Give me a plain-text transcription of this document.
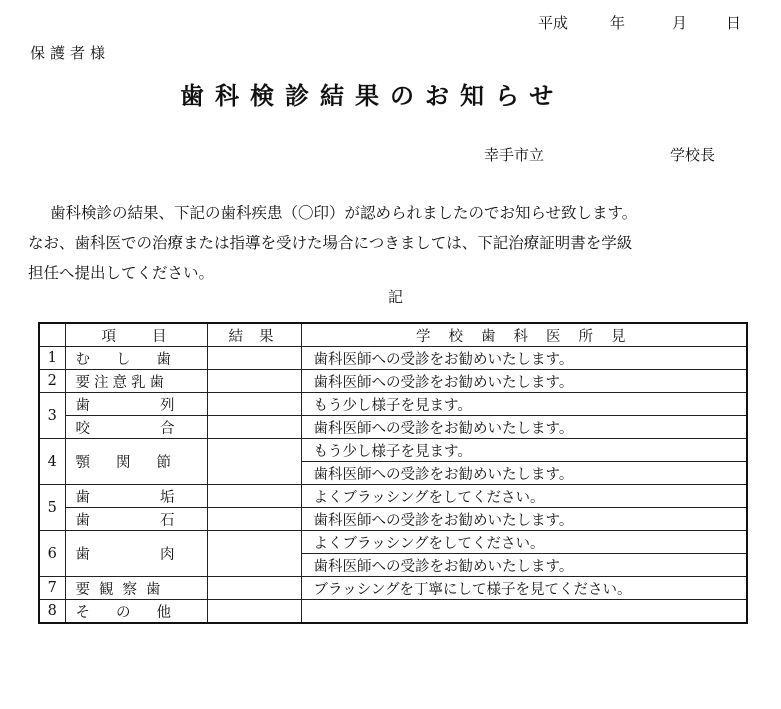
平成	年	月	日
保護者様
歯科検診結果のお知らせ
幸手市立	学校長

歯科検診の結果、下記の歯科疾患（〇印）が認められましたのでお知らせ致します。

なお、歯科医での治療または指導を受けた場合につきましては、下記治療証明書を学級

担任へ提出してください。

記
	項目	結果	学校歯科医所見
1	むし歯		歯科医師への受診をお勧めいたします。
2	要注意乳歯		歯科医師への受診をお勧めいたします。
3	歯列		もう少し様子を見ます。
	咬合		歯科医師への受診をお勧めいたします。
4	顎関節		もう少し様子を見ます。
			歯科医師への受診をお勧めいたします。
5	歯垢		よくブラッシングをしてください。
	歯石		歯科医師への受診をお勧めいたします。
6	歯肉		よくブラッシングをしてください。
			歯科医師への受診をお勧めいたします。
7	要観察歯		ブラッシングを丁寧にして様子を見てください。
8	その他		
